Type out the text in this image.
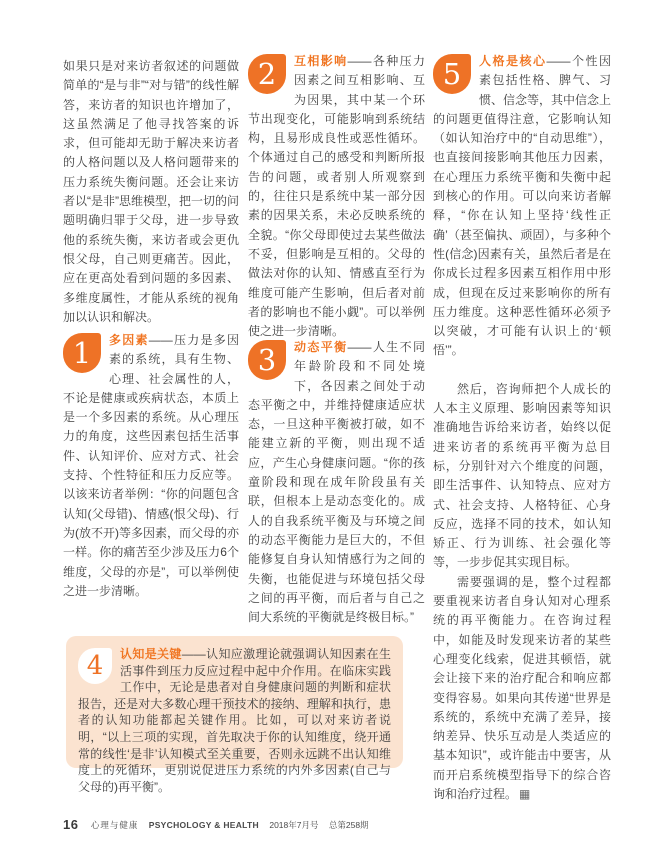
如果只是对来访者叙述的问题做简单的“是与非”“对与错”的线性解答，来访者的知识也许增加了，这虽然满足了他寻找答案的诉求，但可能却无助于解决来访者的人格问题以及人格问题带来的压力系统失衡问题。还会让来访者以“是非”思维模型，把一切的问题明确归罪于父母，进一步导致他的系统失衡，来访者或会更仇恨父母，自己则更痛苦。因此，应在更高处看到问题的多因素、多维度属性，才能从系统的视角加以认识和解决。

1	多因素——压力是多因素的系统，具有生物、心理、社会属性的人，不论是健康或疾病状态，本质上是一个多因素的系统。从心理压力的角度，这些因素包括生活事件、认知评价、应对方式、社会支持、个性特征和压力反应等。以该来访者举例：“你的问题包含认知(父母错)、情感(恨父母)、行为(放不开)等多因素，而父母的亦一样。你的痛苦至少涉及压力6个维度，父母的亦是”，可以举例使之进一步清晰。

2	互相影响——各种压力因素之间互相影响、互为因果，其中某一个环节出现变化，可能影响到系统结构，且易形成良性或恶性循环。个体通过自己的感受和判断所报告的问题，或者别人所观察到的，往往只是系统中某一部分因素的因果关系，未必反映系统的全貌。“你父母即使过去某些做法不妥，但影响是互相的。父母的做法对你的认知、情感直至行为维度可能产生影响，但后者对前者的影响也不能小觑”。可以举例使之进一步清晰。

3	动态平衡——人生不同年龄阶段和不同处境下，各因素之间处于动态平衡之中，并维持健康适应状态，一旦这种平衡被打破，如不能建立新的平衡，则出现不适应，产生心身健康问题。“你的孩童阶段和现在成年阶段虽有关联，但根本上是动态变化的。成人的自我系统平衡及与环境之间的动态平衡能力是巨大的，不但能修复自身认知情感行为之间的失衡，也能促进与环境包括父母之间的再平衡，而后者与自己之间大系统的平衡就是终极目标。”

5	人格是核心——个性因素包括性格、脾气、习惯、信念等，其中信念上的问题更值得注意，它影响认知（如认知治疗中的“自动思维”），也直接间接影响其他压力因素，在心理压力系统平衡和失衡中起到核心的作用。可以向来访者解释，“你在认知上坚持‘线性正确’（甚至偏执、顽固），与多种个性(信念)因素有关，虽然后者是在你成长过程多因素互相作用中形成，但现在反过来影响你的所有压力维度。这种恶性循环必须予以突破，才可能有认识上的‘顿悟’”。

然后，咨询师把个人成长的人本主义原理、影响因素等知识准确地告诉给来访者，始终以促进来访者的系统再平衡为总目标，分别针对六个维度的问题，即生活事件、认知特点、应对方式、社会支持、人格特征、心身反应，选择不同的技术，如认知矫正、行为训练、社会强化等等，一步步促其实现目标。

需要强调的是，整个过程都要重视来访者自身认知对心理系统的再平衡能力。在咨询过程中，如能及时发现来访者的某些心理变化线索，促进其顿悟，就会让接下来的治疗配合和响应都变得容易。如果向其传递“世界是系统的，系统中充满了差异，接纳差异、快乐互动是人类适应的基本知识”，或许能击中要害，从而开启系统模型指导下的综合咨询和治疗过程。 ▦

4	认知是关键——认知应激理论就强调认知因素在生活事件到压力反应过程中起中介作用。在临床实践工作中，无论是患者对自身健康问题的判断和症状报告，还是对大多数心理干预技术的接纳、理解和执行，患者的认知功能都起关键作用。比如，可以对来访者说明，“以上三项的实现，首先取决于你的认知维度，绕开通常的线性‘是非’认知模式至关重要，否则永远跳不出认知维度上的死循环，更别说促进压力系统的内外多因素(自己与父母的)再平衡”。

16 心理与健康 PSYCHOLOGY & HEALTH 2018年7月号 总第258期
